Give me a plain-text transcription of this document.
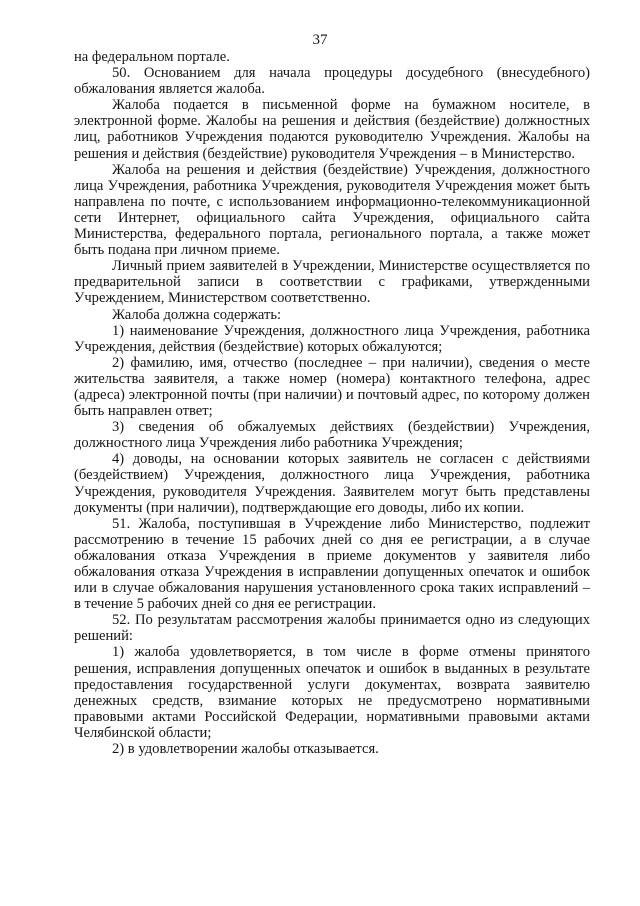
37

на федеральном портале.

50. Основанием для начала процедуры досудебного (внесудебного) обжалования является жалоба.

Жалоба подается в письменной форме на бумажном носителе, в электронной форме. Жалобы на решения и действия (бездействие) должностных лиц, работников Учреждения подаются руководителю Учреждения. Жалобы на решения и действия (бездействие) руководителя Учреждения – в Министерство.

Жалоба на решения и действия (бездействие) Учреждения, должностного лица Учреждения, работника Учреждения, руководителя Учреждения может быть направлена по почте, с использованием информационно-телекоммуникационной сети Интернет, официального сайта Учреждения, официального сайта Министерства, федерального портала, регионального портала, а также может быть подана при личном приеме.

Личный прием заявителей в Учреждении, Министерстве осуществляется по предварительной записи в соответствии с графиками, утвержденными Учреждением, Министерством соответственно.

Жалоба должна содержать:

1) наименование Учреждения, должностного лица Учреждения, работника Учреждения, действия (бездействие) которых обжалуются;

2) фамилию, имя, отчество (последнее – при наличии), сведения о месте жительства заявителя, а также номер (номера) контактного телефона, адрес (адреса) электронной почты (при наличии) и почтовый адрес, по которому должен быть направлен ответ;

3) сведения об обжалуемых действиях (бездействии) Учреждения, должностного лица Учреждения либо работника Учреждения;

4) доводы, на основании которых заявитель не согласен с действиями (бездействием) Учреждения, должностного лица Учреждения, работника Учреждения, руководителя Учреждения. Заявителем могут быть представлены документы (при наличии), подтверждающие его доводы, либо их копии.

51. Жалоба, поступившая в Учреждение либо Министерство, подлежит рассмотрению в течение 15 рабочих дней со дня ее регистрации, а в случае обжалования отказа Учреждения в приеме документов у заявителя либо обжалования отказа Учреждения в исправлении допущенных опечаток и ошибок или в случае обжалования нарушения установленного срока таких исправлений – в течение 5 рабочих дней со дня ее регистрации.

52. По результатам рассмотрения жалобы принимается одно из следующих решений:

1) жалоба удовлетворяется, в том числе в форме отмены принятого решения, исправления допущенных опечаток и ошибок в выданных в результате предоставления государственной услуги документах, возврата заявителю денежных средств, взимание которых не предусмотрено нормативными правовыми актами Российской Федерации, нормативными правовыми актами Челябинской области;

2) в удовлетворении жалобы отказывается.
